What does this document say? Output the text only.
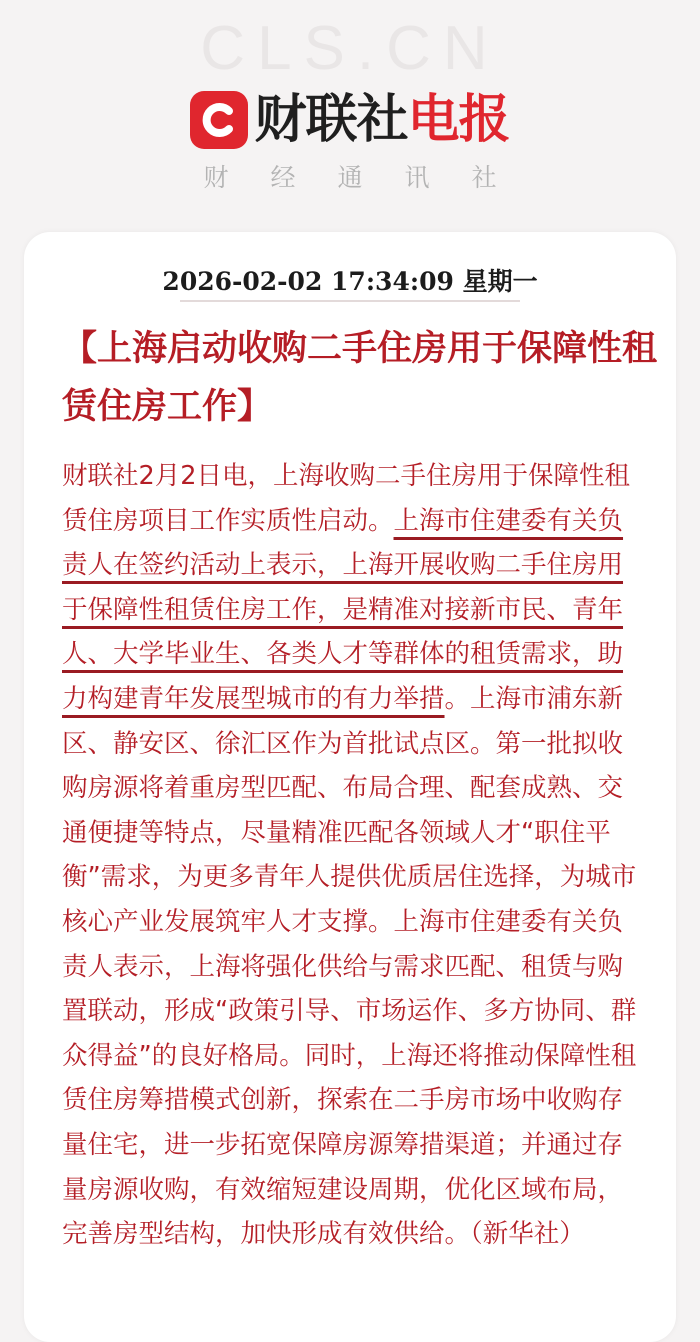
CLS.CN
财联社电报
财经通讯社
2026-02-02 17:34:09 星期一
【上海启动收购二手住房用于保障性租赁住房工作】
财联社2月2日电，上海收购二手住房用于保障性租赁住房项目工作实质性启动。上海市住建委有关负责人在签约活动上表示，上海开展收购二手住房用于保障性租赁住房工作，是精准对接新市民、青年人、大学毕业生、各类人才等群体的租赁需求，助力构建青年发展型城市的有力举措。上海市浦东新区、静安区、徐汇区作为首批试点区。第一批拟收购房源将着重房型匹配、布局合理、配套成熟、交通便捷等特点，尽量精准匹配各领域人才“职住平衡”需求，为更多青年人提供优质居住选择，为城市核心产业发展筑牢人才支撑。上海市住建委有关负责人表示，上海将强化供给与需求匹配、租赁与购置联动，形成“政策引导、市场运作、多方协同、群众得益”的良好格局。同时，上海还将推动保障性租赁住房筹措模式创新，探索在二手房市场中收购存量住宅，进一步拓宽保障房源筹措渠道；并通过存量房源收购，有效缩短建设周期，优化区域布局，完善房型结构，加快形成有效供给。（新华社）
